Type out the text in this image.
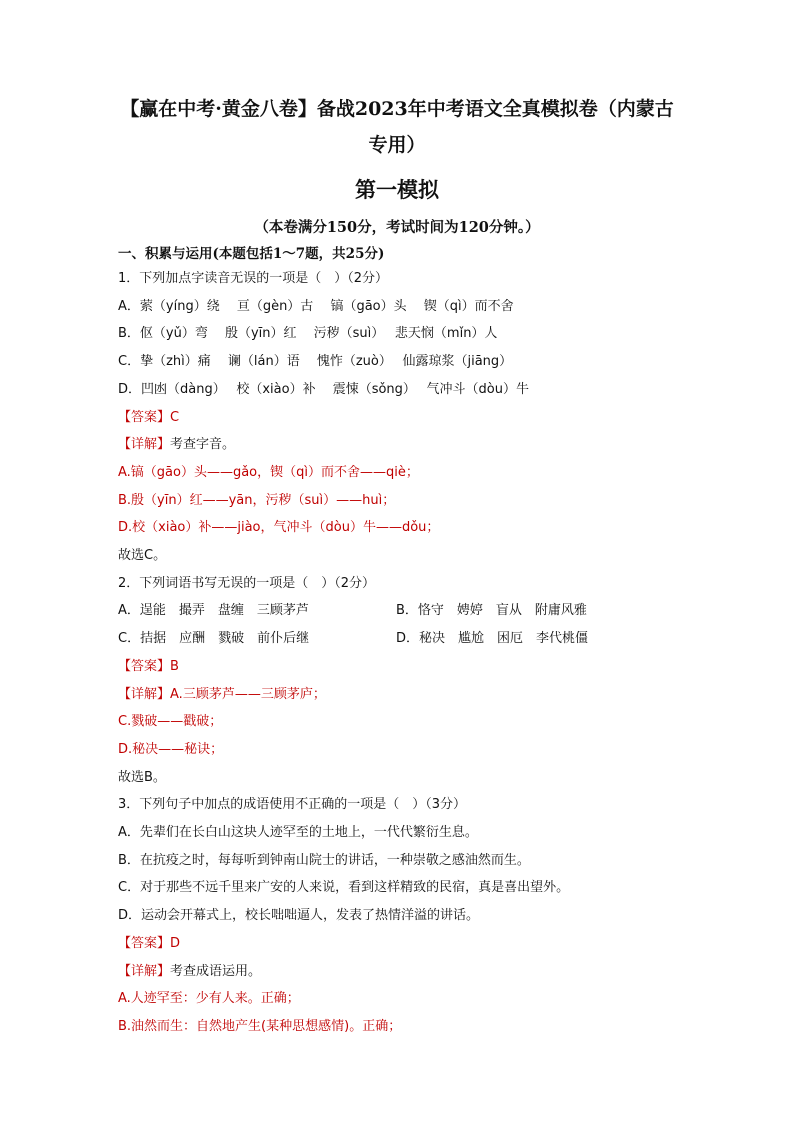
【赢在中考·黄金八卷】备战2023年中考语文全真模拟卷（内蒙古专用）

第一模拟

（本卷满分150分，考试时间为120分钟。）

一、积累与运用(本题包括1～7题，共25分)

1．下列加点字读音无误的一项是（　）（2分）

A．萦（yíng）绕　 亘（gèn）古　 镐（gāo）头　 锲（qì）而不舍

B．伛（yǔ）弯　 殷（yīn）红　 污秽（suì）　 悲天悯（mǐn）人

C．挚（zhì）痛　 谰（lán）语　 愧怍（zuò）　 仙露琼浆（jiāng）

D．凹凼（dàng）　 校（xiào）补　 震悚（sǒng）　 气冲斗（dòu）牛

【答案】C

【详解】考查字音。

A.镐（gāo）头——gǎo，锲（qì）而不舍——qiè；

B.殷（yīn）红——yān，污秽（suì）——huì；

D.校（xiào）补——jiào，气冲斗（dòu）牛——dǒu；

故选C。

2．下列词语书写无误的一项是（　）（2分）

A．逞能　撮弄　盘缠　三顾茅芦	B．恪守　娉婷　盲从　附庸风雅
C．拮据　应酬　戮破　前仆后继	D．秘决　尴尬　困厄　李代桃僵

【答案】B

【详解】A.三顾茅芦——三顾茅庐；

C.戮破——戳破；

D.秘决——秘诀；

故选B。

3．下列句子中加点的成语使用不正确的一项是（　）（3分）

A．先辈们在长白山这块人迹罕至的土地上，一代代繁衍生息。

B．在抗疫之时，每每听到钟南山院士的讲话，一种崇敬之感油然而生。

C．对于那些不远千里来广安的人来说，看到这样精致的民宿，真是喜出望外。

D．运动会开幕式上，校长咄咄逼人，发表了热情洋溢的讲话。

【答案】D

【详解】考查成语运用。

A.人迹罕至：少有人来。正确；

B.油然而生：自然地产生(某种思想感情)。正确；
